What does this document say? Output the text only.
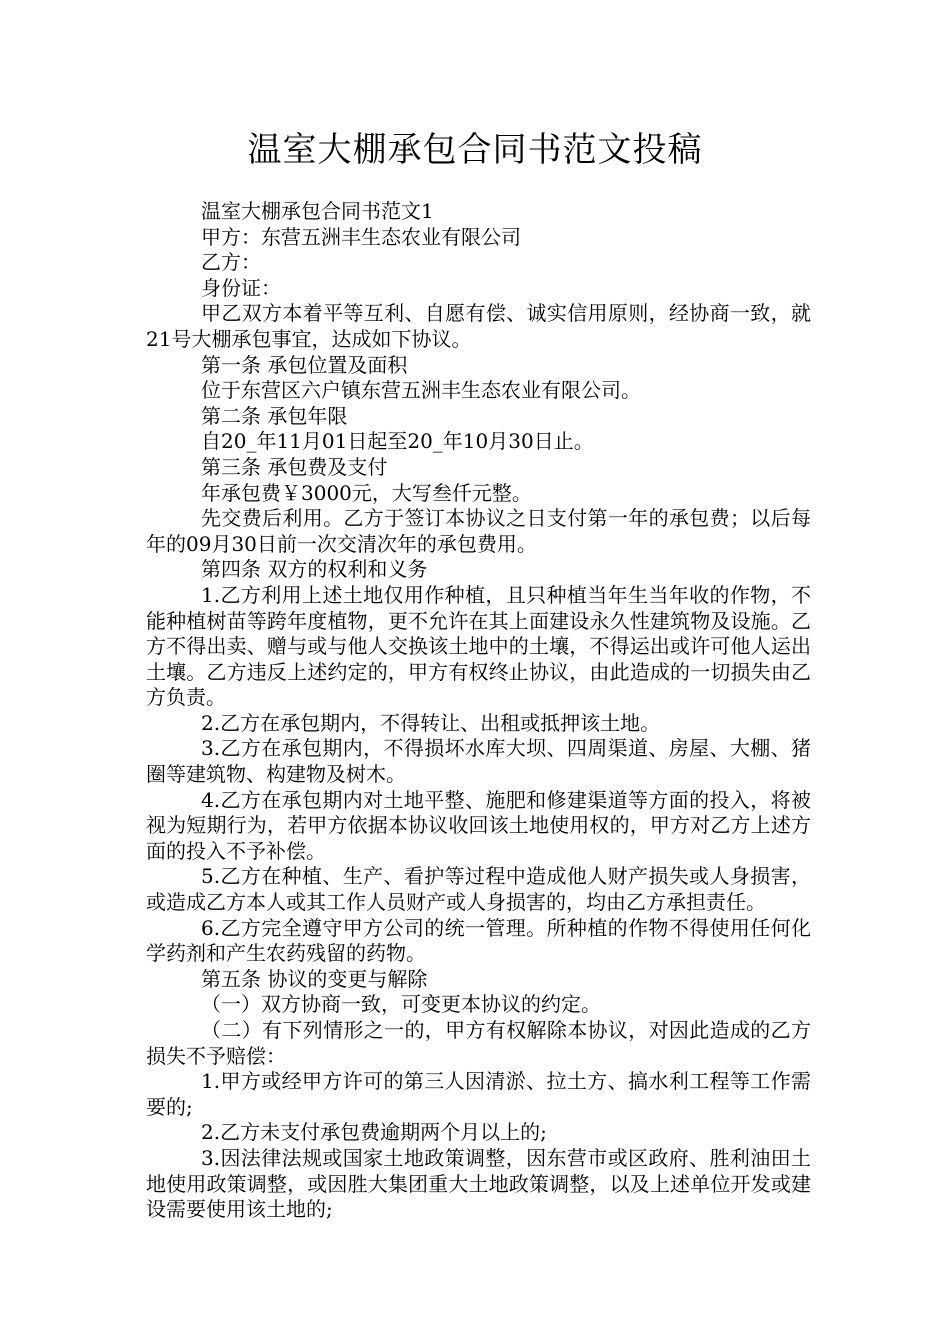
温室大棚承包合同书范文投稿

温室大棚承包合同书范文1

甲方：东营五洲丰生态农业有限公司

乙方：

身份证：

甲乙双方本着平等互利、自愿有偿、诚实信用原则，经协商一致，就21号大棚承包事宜，达成如下协议。

第一条 承包位置及面积

位于东营区六户镇东营五洲丰生态农业有限公司。

第二条 承包年限

自20_年11月01日起至20_年10月30日止。

第三条 承包费及支付

年承包费￥3000元，大写叁仟元整。

先交费后利用。乙方于签订本协议之日支付第一年的承包费；以后每年的09月30日前一次交清次年的承包费用。

第四条 双方的权利和义务

1.乙方利用上述土地仅用作种植，且只种植当年生当年收的作物，不能种植树苗等跨年度植物，更不允许在其上面建设永久性建筑物及设施。乙方不得出卖、赠与或与他人交换该土地中的土壤，不得运出或许可他人运出土壤。乙方违反上述约定的，甲方有权终止协议，由此造成的一切损失由乙方负责。

2.乙方在承包期内，不得转让、出租或抵押该土地。

3.乙方在承包期内，不得损坏水库大坝、四周渠道、房屋、大棚、猪圈等建筑物、构建物及树木。

4.乙方在承包期内对土地平整、施肥和修建渠道等方面的投入，将被视为短期行为，若甲方依据本协议收回该土地使用权的，甲方对乙方上述方面的投入不予补偿。

5.乙方在种植、生产、看护等过程中造成他人财产损失或人身损害，或造成乙方本人或其工作人员财产或人身损害的，均由乙方承担责任。

6.乙方完全遵守甲方公司的统一管理。所种植的作物不得使用任何化学药剂和产生农药残留的药物。

第五条 协议的变更与解除

（一）双方协商一致，可变更本协议的约定。

（二）有下列情形之一的，甲方有权解除本协议，对因此造成的乙方损失不予赔偿：

1.甲方或经甲方许可的第三人因清淤、拉土方、搞水利工程等工作需要的;

2.乙方未支付承包费逾期两个月以上的;

3.因法律法规或国家土地政策调整，因东营市或区政府、胜利油田土地使用政策调整，或因胜大集团重大土地政策调整，以及上述单位开发或建设需要使用该土地的;
